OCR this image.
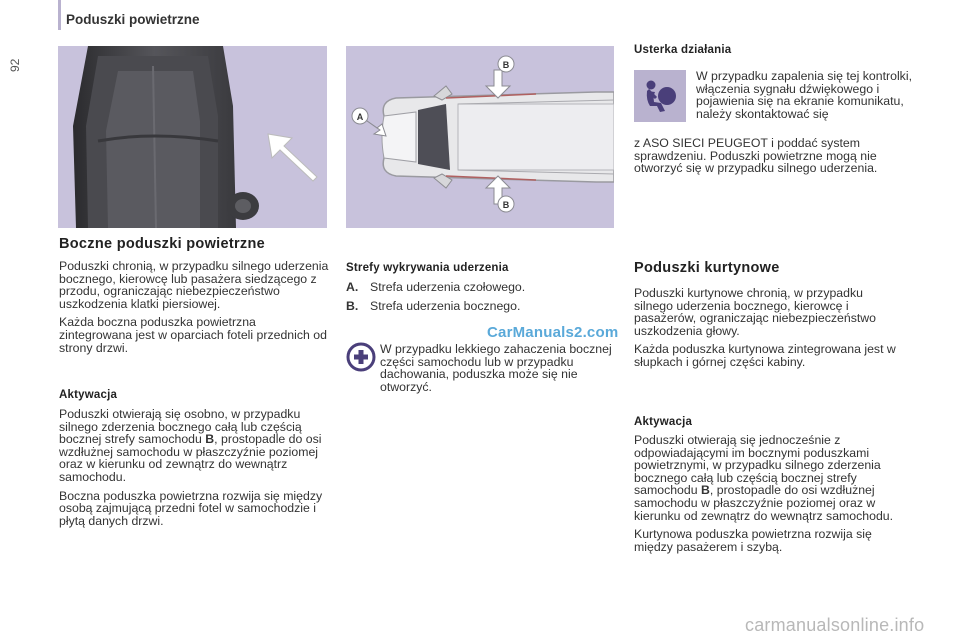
Poduszki powietrzne
92
A
B
B
Boczne poduszki powietrzne

Poduszki chronią, w przypadku silnego uderzenia bocznego, kierowcę lub pasażera siedzącego z przodu, ograniczając niebezpieczeństwo uszkodzenia klatki piersiowej.

Każda boczna poduszka powietrzna zintegrowana jest w oparciach foteli przednich od strony drzwi.

Aktywacja

Poduszki otwierają się osobno, w przypadku silnego zderzenia bocznego całą lub częścią bocznej strefy samochodu B, prostopadle do osi wzdłużnej samochodu w płaszczyźnie poziomej oraz w kierunku od zewnątrz do wewnątrz samochodu.

Boczna poduszka powietrzna rozwija się między osobą zajmującą przedni fotel w samochodzie i płytą danych drzwi.

Strefy wykrywania uderzenia
A. Strefa uderzenia czołowego.
B. Strefa uderzenia bocznego.
CarManuals2.com

W przypadku lekkiego zahaczenia bocznej części samochodu lub w przypadku dachowania, poduszka może się nie otworzyć.

Usterka działania

W przypadku zapalenia się tej kontrolki, włączenia sygnału dźwiękowego i pojawienia się na ekranie komunikatu, należy skontaktować się

z ASO SIECI PEUGEOT i poddać system sprawdzeniu. Poduszki powietrzne mogą nie otworzyć się w przypadku silnego uderzenia.

Poduszki kurtynowe

Poduszki kurtynowe chronią, w przypadku silnego uderzenia bocznego, kierowcę i pasażerów, ograniczając niebezpieczeństwo uszkodzenia głowy.

Każda poduszka kurtynowa zintegrowana jest w słupkach i górnej części kabiny.

Aktywacja

Poduszki otwierają się jednocześnie z odpowiadającymi im bocznymi poduszkami powietrznymi, w przypadku silnego zderzenia bocznego całą lub częścią bocznej strefy samochodu B, prostopadle do osi wzdłużnej samochodu w płaszczyźnie poziomej oraz w kierunku od zewnątrz do wewnątrz samochodu.

Kurtynowa poduszka powietrzna rozwija się między pasażerem i szybą.

carmanualsonline.info
